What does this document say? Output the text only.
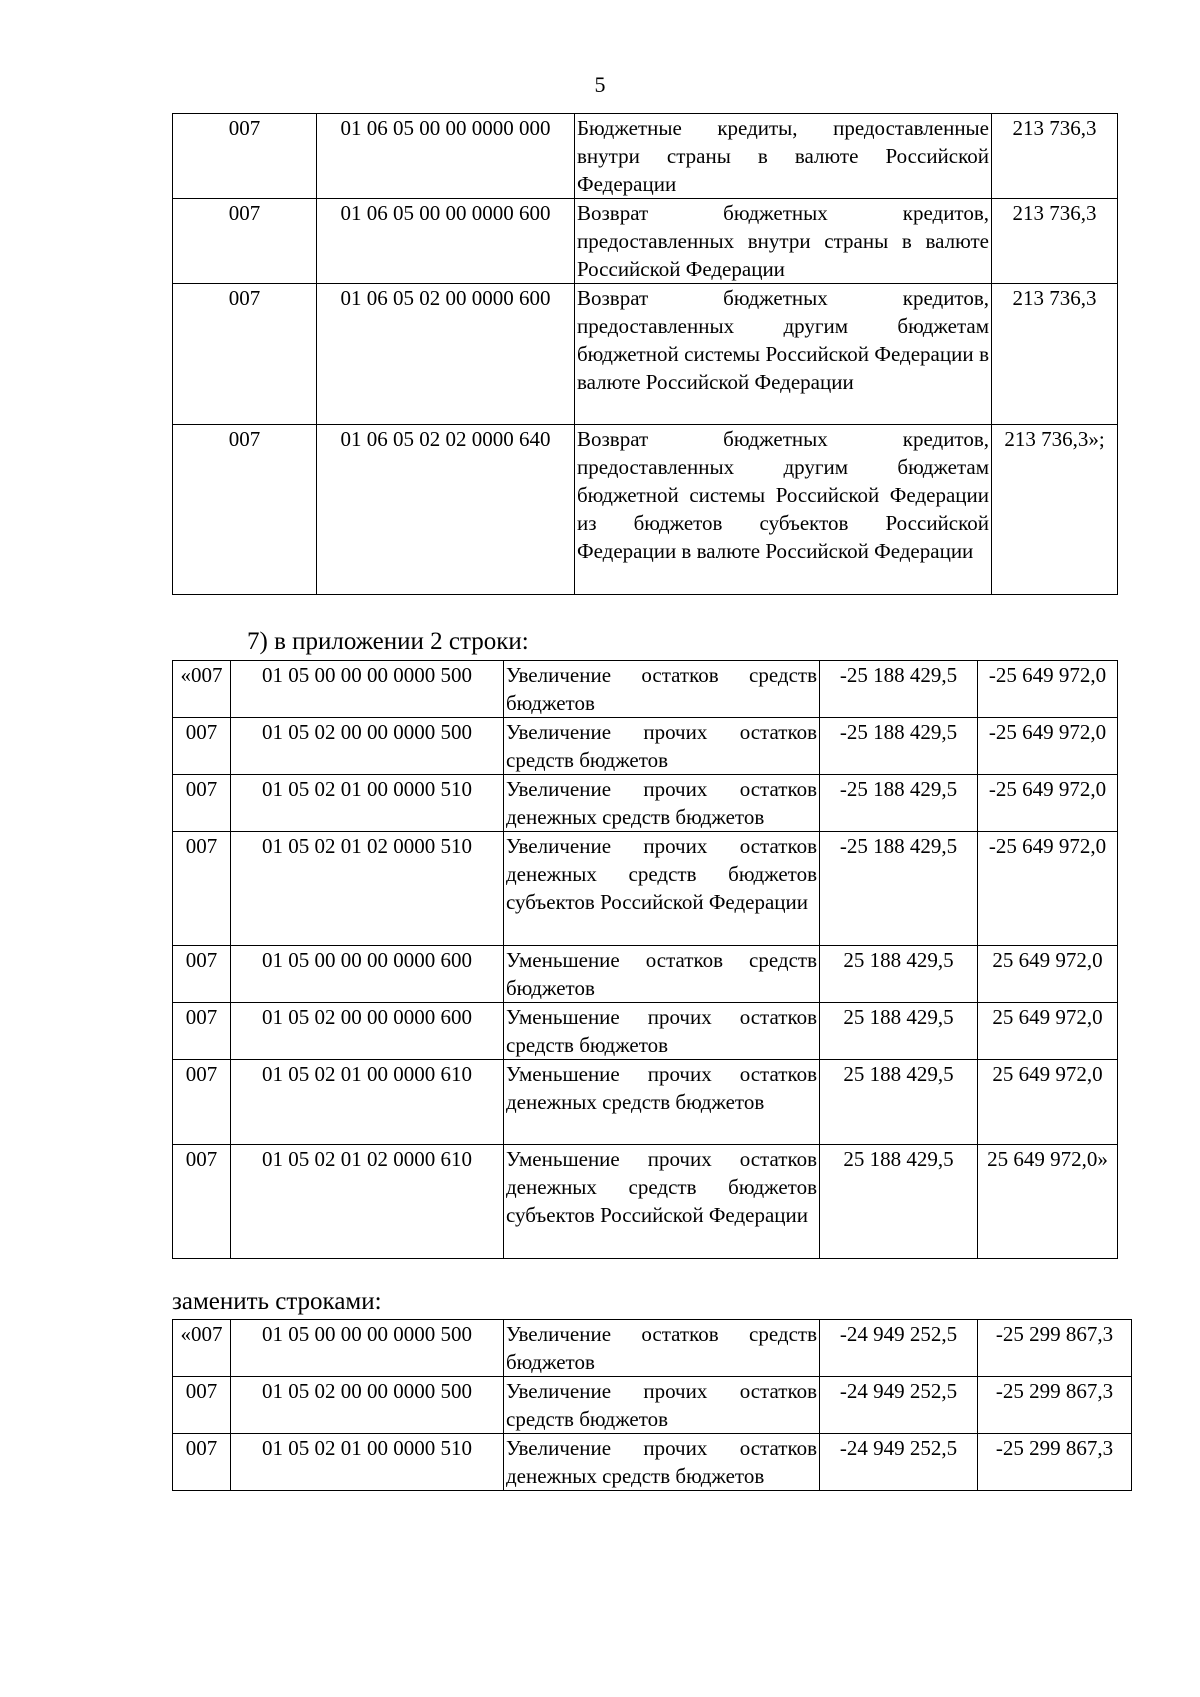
5
007	01 06 05 00 00 0000 000	Бюджетные кредиты, предоставленные внутри страны в валюте Российской Федерации	213 736,3
007	01 06 05 00 00 0000 600	Возврат бюджетных кредитов, предоставленных внутри страны в валюте Российской Федерации	213 736,3
007	01 06 05 02 00 0000 600	Возврат бюджетных кредитов, предоставленных другим бюджетам бюджетной системы Российской Федерации в валюте Российской Федерации	213 736,3
007	01 06 05 02 02 0000 640	Возврат бюджетных кредитов, предоставленных другим бюджетам бюджетной системы Российской Федерации из бюджетов субъектов Российской Федерации в валюте Российской Федерации	213 736,3»;
7) в приложении 2 строки:
«007	01 05 00 00 00 0000 500	Увеличение остатков средств бюджетов	-25 188 429,5	-25 649 972,0
007	01 05 02 00 00 0000 500	Увеличение прочих остатков средств бюджетов	-25 188 429,5	-25 649 972,0
007	01 05 02 01 00 0000 510	Увеличение прочих остатков денежных средств бюджетов	-25 188 429,5	-25 649 972,0
007	01 05 02 01 02 0000 510	Увеличение прочих остатков денежных средств бюджетов субъектов Российской Федерации	-25 188 429,5	-25 649 972,0
007	01 05 00 00 00 0000 600	Уменьшение остатков средств бюджетов	25 188 429,5	25 649 972,0
007	01 05 02 00 00 0000 600	Уменьшение прочих остатков средств бюджетов	25 188 429,5	25 649 972,0
007	01 05 02 01 00 0000 610	Уменьшение прочих остатков денежных средств бюджетов	25 188 429,5	25 649 972,0
007	01 05 02 01 02 0000 610	Уменьшение прочих остатков денежных средств бюджетов субъектов Российской Федерации	25 188 429,5	25 649 972,0»
заменить строками:
«007	01 05 00 00 00 0000 500	Увеличение остатков средств бюджетов	-24 949 252,5	-25 299 867,3
007	01 05 02 00 00 0000 500	Увеличение прочих остатков средств бюджетов	-24 949 252,5	-25 299 867,3
007	01 05 02 01 00 0000 510	Увеличение прочих остатков денежных средств бюджетов	-24 949 252,5	-25 299 867,3
